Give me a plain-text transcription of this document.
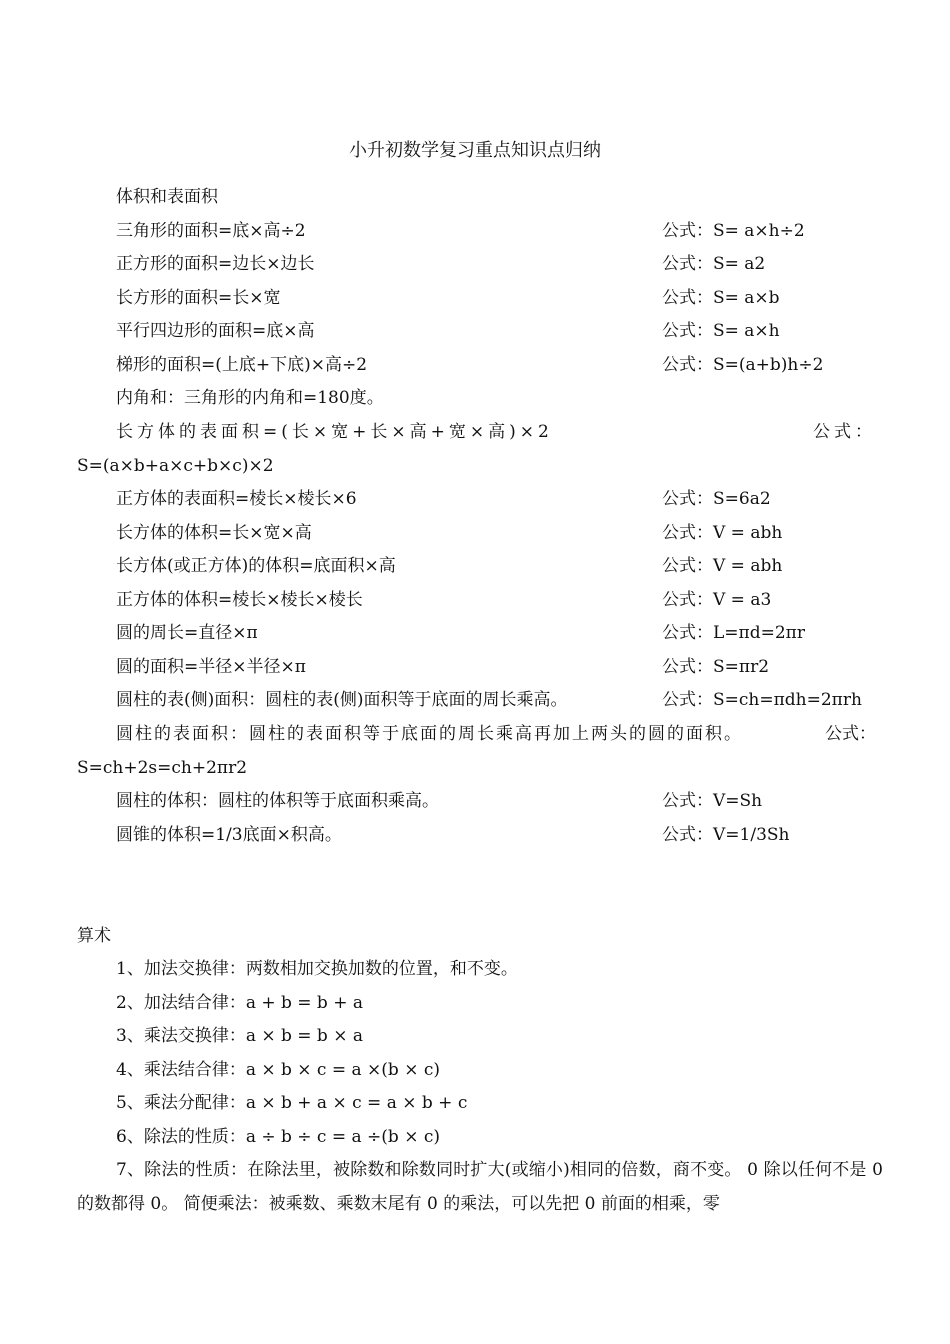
小升初数学复习重点知识点归纳
体积和表面积
三角形的面积=底×高÷2	公式：S= a×h÷2
正方形的面积=边长×边长	公式：S= a2
长方形的面积=长×宽	公式：S= a×b
平行四边形的面积=底×高	公式：S= a×h
梯形的面积=(上底+下底)×高÷2	公式：S=(a+b)h÷2
内角和：三角形的内角和=180度。
长方体的表面积=(长×宽+长×高+宽×高)×2	公式：
S=(a×b+a×c+b×c)×2
正方体的表面积=棱长×棱长×6	公式：S=6a2
长方体的体积=长×宽×高	公式：V = abh
长方体(或正方体)的体积=底面积×高	公式：V = abh
正方体的体积=棱长×棱长×棱长	公式：V = a3
圆的周长=直径×π	公式：L=πd=2πr
圆的面积=半径×半径×π	公式：S=πr2
圆柱的表(侧)面积：圆柱的表(侧)面积等于底面的周长乘高。	公式：S=ch=πdh=2πrh
圆柱的表面积：圆柱的表面积等于底面的周长乘高再加上两头的圆的面积。	公式：
S=ch+2s=ch+2πr2
圆柱的体积：圆柱的体积等于底面积乘高。	公式：V=Sh
圆锥的体积=1/3底面×积高。	公式：V=1/3Sh
算术
1、加法交换律：两数相加交换加数的位置，和不变。
2、加法结合律：a + b = b + a
3、乘法交换律：a × b = b × a
4、乘法结合律：a × b × c = a ×(b × c)
5、乘法分配律：a × b + a × c = a × b + c
6、除法的性质：a ÷ b ÷ c = a ÷(b × c)

7、除法的性质：在除法里，被除数和除数同时扩大(或缩小)相同的倍数，商不变。 0 除以任何不是 0 的数都得 0。 简便乘法：被乘数、乘数末尾有 0 的乘法，可以先把 0 前面的相乘，零
